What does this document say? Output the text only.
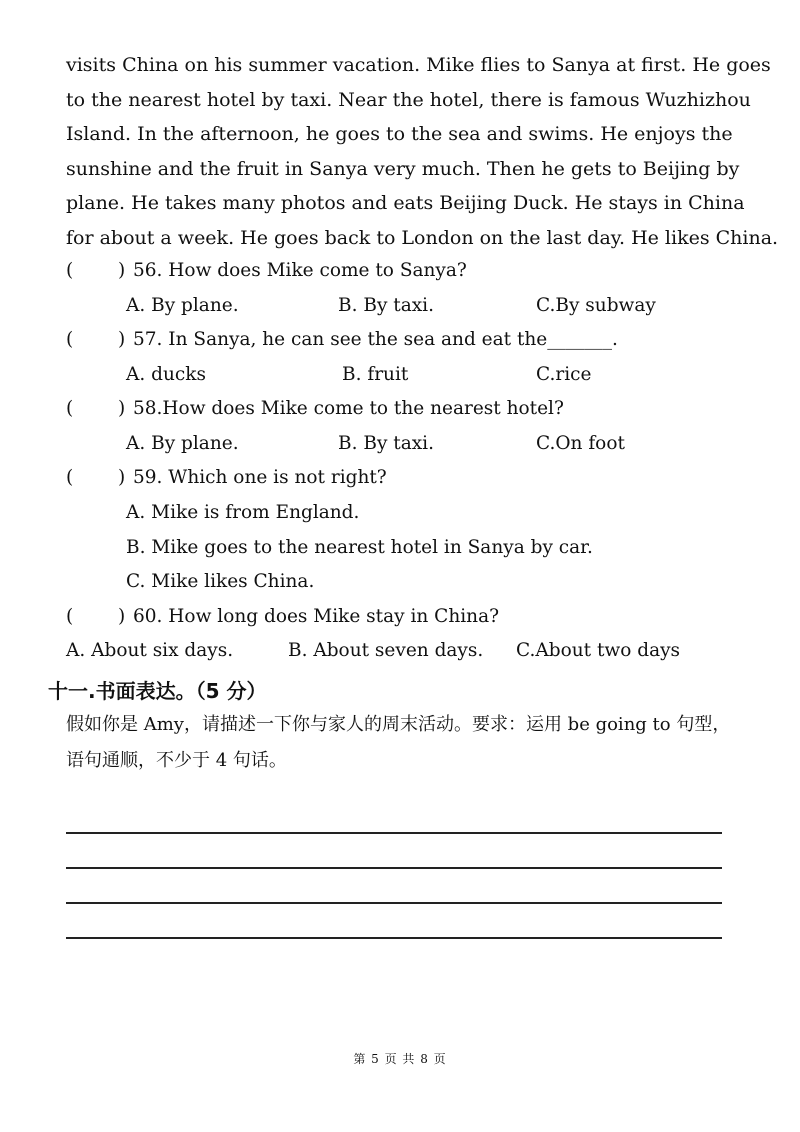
visits China on his summer vacation. Mike flies to Sanya at first. He goes
to the nearest hotel by taxi. Near the hotel, there is famous Wuzhizhou
Island. In the afternoon, he goes to the sea and swims. He enjoys the
sunshine and the fruit in Sanya very much. Then he gets to Beijing by
plane. He takes many photos and eats Beijing Duck. He stays in China
for about a week. He goes back to London on the last day. He likes China.
( ) 56. How does Mike come to Sanya?
A. By plane.	B. By taxi.	C.By subway
( ) 57. In Sanya, he can see the sea and eat the_______.
A. ducks	B. fruit	C.rice
( ) 58.How does Mike come to the nearest hotel?
A. By plane.	B. By taxi.	C.On foot
( ) 59. Which one is not right?
A. Mike is from England.
B. Mike goes to the nearest hotel in Sanya by car.
C. Mike likes China.
( ) 60. How long does Mike stay in China?
A. About six days.	B. About seven days. C.About two days
十一.书面表达。（5 分）
假如你是 Amy，请描述一下你与家人的周末活动。要求：运用 be going to 句型，
语句通顺，不少于 4 句话。
第 5 页 共 8 页
